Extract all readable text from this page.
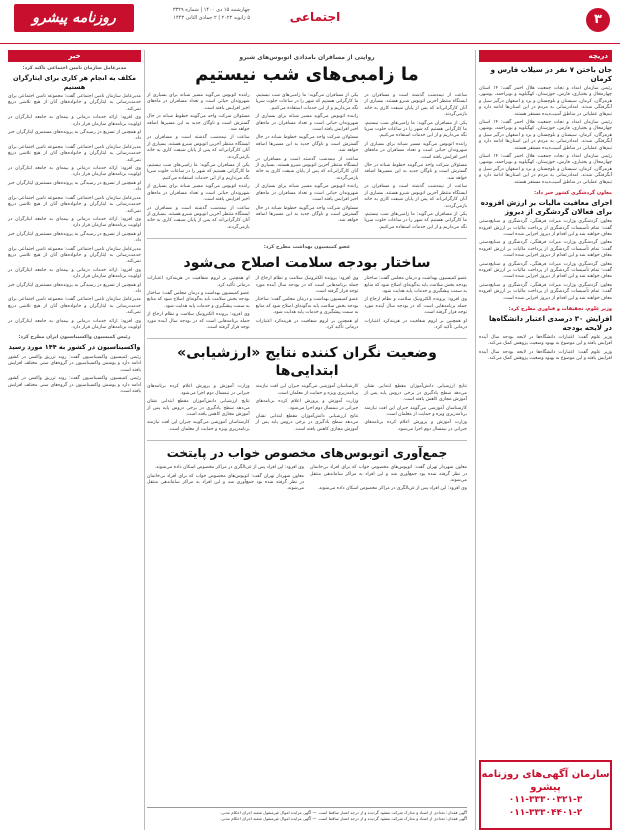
۳
اجتماعی
چهارشنبه ۱۵ دی ۱۴۰۰ | شماره ۳۳۲۹
۵ ژانویه ۲۰۲۲ | ۲ جمادی الثانی ۱۴۴۳
روزنامه پیشرو
دریچه
جان باختن ۷ نفر در سیلاب فارس و کرمان

رئیس سازمان امداد و نجات جمعیت هلال احمر گفت: ۱۴ استان چهارمحال و بختیاری، فارس، خوزستان، کهگیلویه و بویراحمد، بوشهر، هرمزگان، کرمان، سیستان و بلوچستان و یزد و اصفهان درگیر سیل و آبگرفتگی شدند. امدادرسانی به مردم در این استان‌ها ادامه دارد و تیم‌های عملیاتی در مناطق آسیب‌دیده مستقر هستند.

رئیس سازمان امداد و نجات جمعیت هلال احمر گفت: ۱۴ استان چهارمحال و بختیاری، فارس، خوزستان، کهگیلویه و بویراحمد، بوشهر، هرمزگان، کرمان، سیستان و بلوچستان و یزد و اصفهان درگیر سیل و آبگرفتگی شدند. امدادرسانی به مردم در این استان‌ها ادامه دارد و تیم‌های عملیاتی در مناطق آسیب‌دیده مستقر هستند.

رئیس سازمان امداد و نجات جمعیت هلال احمر گفت: ۱۴ استان چهارمحال و بختیاری، فارس، خوزستان، کهگیلویه و بویراحمد، بوشهر، هرمزگان، کرمان، سیستان و بلوچستان و یزد و اصفهان درگیر سیل و آبگرفتگی شدند. امدادرسانی به مردم در این استان‌ها ادامه دارد و تیم‌های عملیاتی در مناطق آسیب‌دیده مستقر هستند.

معاون گردشگری کشور خبر داد:
اجرای معافیت مالیات بر ارزش افزوده برای فعالان گردشگری از دیروز

معاون گردشگری وزارت میراث فرهنگی، گردشگری و صنایع‌دستی گفت: تمام تأسیسات گردشگری از پرداخت مالیات بر ارزش افزوده معاف خواهند شد و این اقدام از دیروز اجرایی شده است.

معاون گردشگری وزارت میراث فرهنگی، گردشگری و صنایع‌دستی گفت: تمام تأسیسات گردشگری از پرداخت مالیات بر ارزش افزوده معاف خواهند شد و این اقدام از دیروز اجرایی شده است.

معاون گردشگری وزارت میراث فرهنگی، گردشگری و صنایع‌دستی گفت: تمام تأسیسات گردشگری از پرداخت مالیات بر ارزش افزوده معاف خواهند شد و این اقدام از دیروز اجرایی شده است.

معاون گردشگری وزارت میراث فرهنگی، گردشگری و صنایع‌دستی گفت: تمام تأسیسات گردشگری از پرداخت مالیات بر ارزش افزوده معاف خواهند شد و این اقدام از دیروز اجرایی شده است.

وزیر علوم، تحقیقات و فناوری مطرح کرد:
افزایش ۳۰ درصدی اعتبار دانشگاه‌ها در لایحه بودجه

وزیر علوم گفت: اعتبارات دانشگاه‌ها در لایحه بودجه سال آینده افزایش یافته و این موضوع به بهبود وضعیت پژوهش کمک می‌کند.

وزیر علوم گفت: اعتبارات دانشگاه‌ها در لایحه بودجه سال آینده افزایش یافته و این موضوع به بهبود وضعیت پژوهش کمک می‌کند.

سازمان آگهی‌های روزنامه پیشرو
۰۱۱-۳۳۳۰۰۳۲۱-۳
۰۱۱-۳۳۳۰۴۴۰۱-۲
روایتی از مسافران بامدادی اتوبوس‌های شبرو
ما زامبی‌های شب نیستیم

ساعت از نیمه‌شب گذشته است و مسافران در ایستگاه منتظر آخرین اتوبوس شبرو هستند. بسیاری از آنان کارگرانی‌اند که پس از پایان شیفت کاری به خانه بازمی‌گردند.

یکی از مسافران می‌گوید: ما زامبی‌های شب نیستیم، ما کارگرانی هستیم که شهر را در ساعات خلوت سرپا نگه می‌داریم و از این خدمات استفاده می‌کنیم.

راننده اتوبوس می‌گوید مسیر شبانه برای بسیاری از شهروندان حیاتی است و تعداد مسافران در ماه‌های اخیر افزایش یافته است.

مسئولان شرکت واحد می‌گویند خطوط شبانه در حال گسترش است و ناوگان جدید به این مسیرها اضافه خواهد شد.

ساعت از نیمه‌شب گذشته است و مسافران در ایستگاه منتظر آخرین اتوبوس شبرو هستند. بسیاری از آنان کارگرانی‌اند که پس از پایان شیفت کاری به خانه بازمی‌گردند.

یکی از مسافران می‌گوید: ما زامبی‌های شب نیستیم، ما کارگرانی هستیم که شهر را در ساعات خلوت سرپا نگه می‌داریم و از این خدمات استفاده می‌کنیم.

یکی از مسافران می‌گوید: ما زامبی‌های شب نیستیم، ما کارگرانی هستیم که شهر را در ساعات خلوت سرپا نگه می‌داریم و از این خدمات استفاده می‌کنیم.

راننده اتوبوس می‌گوید مسیر شبانه برای بسیاری از شهروندان حیاتی است و تعداد مسافران در ماه‌های اخیر افزایش یافته است.

مسئولان شرکت واحد می‌گویند خطوط شبانه در حال گسترش است و ناوگان جدید به این مسیرها اضافه خواهد شد.

ساعت از نیمه‌شب گذشته است و مسافران در ایستگاه منتظر آخرین اتوبوس شبرو هستند. بسیاری از آنان کارگرانی‌اند که پس از پایان شیفت کاری به خانه بازمی‌گردند.

راننده اتوبوس می‌گوید مسیر شبانه برای بسیاری از شهروندان حیاتی است و تعداد مسافران در ماه‌های اخیر افزایش یافته است.

مسئولان شرکت واحد می‌گویند خطوط شبانه در حال گسترش است و ناوگان جدید به این مسیرها اضافه خواهد شد.

راننده اتوبوس می‌گوید مسیر شبانه برای بسیاری از شهروندان حیاتی است و تعداد مسافران در ماه‌های اخیر افزایش یافته است.

مسئولان شرکت واحد می‌گویند خطوط شبانه در حال گسترش است و ناوگان جدید به این مسیرها اضافه خواهد شد.

ساعت از نیمه‌شب گذشته است و مسافران در ایستگاه منتظر آخرین اتوبوس شبرو هستند. بسیاری از آنان کارگرانی‌اند که پس از پایان شیفت کاری به خانه بازمی‌گردند.

یکی از مسافران می‌گوید: ما زامبی‌های شب نیستیم، ما کارگرانی هستیم که شهر را در ساعات خلوت سرپا نگه می‌داریم و از این خدمات استفاده می‌کنیم.

راننده اتوبوس می‌گوید مسیر شبانه برای بسیاری از شهروندان حیاتی است و تعداد مسافران در ماه‌های اخیر افزایش یافته است.

ساعت از نیمه‌شب گذشته است و مسافران در ایستگاه منتظر آخرین اتوبوس شبرو هستند. بسیاری از آنان کارگرانی‌اند که پس از پایان شیفت کاری به خانه بازمی‌گردند.

عضو کمیسیون بهداشت مطرح کرد:
ساختار بودجه سلامت اصلاح می‌شود

عضو کمیسیون بهداشت و درمان مجلس گفت: ساختار بودجه بخش سلامت باید به‌گونه‌ای اصلاح شود که منابع به سمت پیشگیری و خدمات پایه هدایت شود.

وی افزود: پرونده الکترونیک سلامت و نظام ارجاع از جمله برنامه‌هایی است که در بودجه سال آینده مورد توجه قرار گرفته است.

او همچنین بر لزوم شفافیت در هزینه‌کرد اعتبارات درمانی تأکید کرد.

وی افزود: پرونده الکترونیک سلامت و نظام ارجاع از جمله برنامه‌هایی است که در بودجه سال آینده مورد توجه قرار گرفته است.

عضو کمیسیون بهداشت و درمان مجلس گفت: ساختار بودجه بخش سلامت باید به‌گونه‌ای اصلاح شود که منابع به سمت پیشگیری و خدمات پایه هدایت شود.

او همچنین بر لزوم شفافیت در هزینه‌کرد اعتبارات درمانی تأکید کرد.

او همچنین بر لزوم شفافیت در هزینه‌کرد اعتبارات درمانی تأکید کرد.

عضو کمیسیون بهداشت و درمان مجلس گفت: ساختار بودجه بخش سلامت باید به‌گونه‌ای اصلاح شود که منابع به سمت پیشگیری و خدمات پایه هدایت شود.

وی افزود: پرونده الکترونیک سلامت و نظام ارجاع از جمله برنامه‌هایی است که در بودجه سال آینده مورد توجه قرار گرفته است.

وضعیت نگران کننده نتایج «ارزشیابی» ابتدایی‌ها

نتایج ارزشیابی دانش‌آموزان مقطع ابتدایی نشان می‌دهد سطح یادگیری در برخی دروس پایه پس از آموزش مجازی کاهش یافته است.

کارشناسان آموزشی می‌گویند جبران این افت نیازمند برنامه‌ریزی ویژه و حمایت از معلمان است.

وزارت آموزش و پرورش اعلام کرده برنامه‌های جبرانی در نیمسال دوم اجرا می‌شود.

کارشناسان آموزشی می‌گویند جبران این افت نیازمند برنامه‌ریزی ویژه و حمایت از معلمان است.

وزارت آموزش و پرورش اعلام کرده برنامه‌های جبرانی در نیمسال دوم اجرا می‌شود.

نتایج ارزشیابی دانش‌آموزان مقطع ابتدایی نشان می‌دهد سطح یادگیری در برخی دروس پایه پس از آموزش مجازی کاهش یافته است.

وزارت آموزش و پرورش اعلام کرده برنامه‌های جبرانی در نیمسال دوم اجرا می‌شود.

نتایج ارزشیابی دانش‌آموزان مقطع ابتدایی نشان می‌دهد سطح یادگیری در برخی دروس پایه پس از آموزش مجازی کاهش یافته است.

کارشناسان آموزشی می‌گویند جبران این افت نیازمند برنامه‌ریزی ویژه و حمایت از معلمان است.

جمع‌آوری اتوبوس‌های مخصوص خواب در پایتخت

معاون شهردار تهران گفت: اتوبوس‌های مخصوص خواب که برای افراد بی‌خانمان در نظر گرفته شده بود جمع‌آوری شد و این افراد به مراکز ساماندهی منتقل می‌شوند.

وی افزود: این افراد پس از غربالگری در مراکز مخصوص اسکان داده می‌شوند.

وی افزود: این افراد پس از غربالگری در مراکز مخصوص اسکان داده می‌شوند.

معاون شهردار تهران گفت: اتوبوس‌های مخصوص خواب که برای افراد بی‌خانمان در نظر گرفته شده بود جمع‌آوری شد و این افراد به مراکز ساماندهی منتقل می‌شوند.

آگهی فقدان: تعدادی از اسناد و مدارک شرکت مفقود گردیده و از درجه اعتبار ساقط است. — آگهی مزایده اموال غیرمنقول شعبه اجرای احکام مدنی.

آگهی فقدان: تعدادی از اسناد و مدارک شرکت مفقود گردیده و از درجه اعتبار ساقط است. — آگهی مزایده اموال غیرمنقول شعبه اجرای احکام مدنی.

خبر
مدیرعامل سازمان تامین اجتماعی تاکید کرد:
مکلف به انجام هر کاری برای ایثارگران هستیم

مدیرعامل سازمان تامین اجتماعی گفت: مجموعه تامین اجتماعی برای خدمت‌رسانی به ایثارگران و خانواده‌های آنان از هیچ تلاشی دریغ نمی‌کند.

وی افزود: ارائه خدمات درمانی و بیمه‌ای به جامعه ایثارگران در اولویت برنامه‌های سازمان قرار دارد.

او همچنین از تسریع در رسیدگی به پرونده‌های مستمری ایثارگران خبر داد.

مدیرعامل سازمان تامین اجتماعی گفت: مجموعه تامین اجتماعی برای خدمت‌رسانی به ایثارگران و خانواده‌های آنان از هیچ تلاشی دریغ نمی‌کند.

وی افزود: ارائه خدمات درمانی و بیمه‌ای به جامعه ایثارگران در اولویت برنامه‌های سازمان قرار دارد.

او همچنین از تسریع در رسیدگی به پرونده‌های مستمری ایثارگران خبر داد.

مدیرعامل سازمان تامین اجتماعی گفت: مجموعه تامین اجتماعی برای خدمت‌رسانی به ایثارگران و خانواده‌های آنان از هیچ تلاشی دریغ نمی‌کند.

وی افزود: ارائه خدمات درمانی و بیمه‌ای به جامعه ایثارگران در اولویت برنامه‌های سازمان قرار دارد.

او همچنین از تسریع در رسیدگی به پرونده‌های مستمری ایثارگران خبر داد.

مدیرعامل سازمان تامین اجتماعی گفت: مجموعه تامین اجتماعی برای خدمت‌رسانی به ایثارگران و خانواده‌های آنان از هیچ تلاشی دریغ نمی‌کند.

وی افزود: ارائه خدمات درمانی و بیمه‌ای به جامعه ایثارگران در اولویت برنامه‌های سازمان قرار دارد.

او همچنین از تسریع در رسیدگی به پرونده‌های مستمری ایثارگران خبر داد.

مدیرعامل سازمان تامین اجتماعی گفت: مجموعه تامین اجتماعی برای خدمت‌رسانی به ایثارگران و خانواده‌های آنان از هیچ تلاشی دریغ نمی‌کند.

وی افزود: ارائه خدمات درمانی و بیمه‌ای به جامعه ایثارگران در اولویت برنامه‌های سازمان قرار دارد.

رئیس کمیسیون واکسیناسیون ایران مطرح کرد:
واکسیناسیون در کشور به ۱۴۴ مورد رسید

رئیس کمیسیون واکسیناسیون گفت: روند تزریق واکسن در کشور ادامه دارد و پوشش واکسیناسیون در گروه‌های سنی مختلف افزایش یافته است.

رئیس کمیسیون واکسیناسیون گفت: روند تزریق واکسن در کشور ادامه دارد و پوشش واکسیناسیون در گروه‌های سنی مختلف افزایش یافته است.
